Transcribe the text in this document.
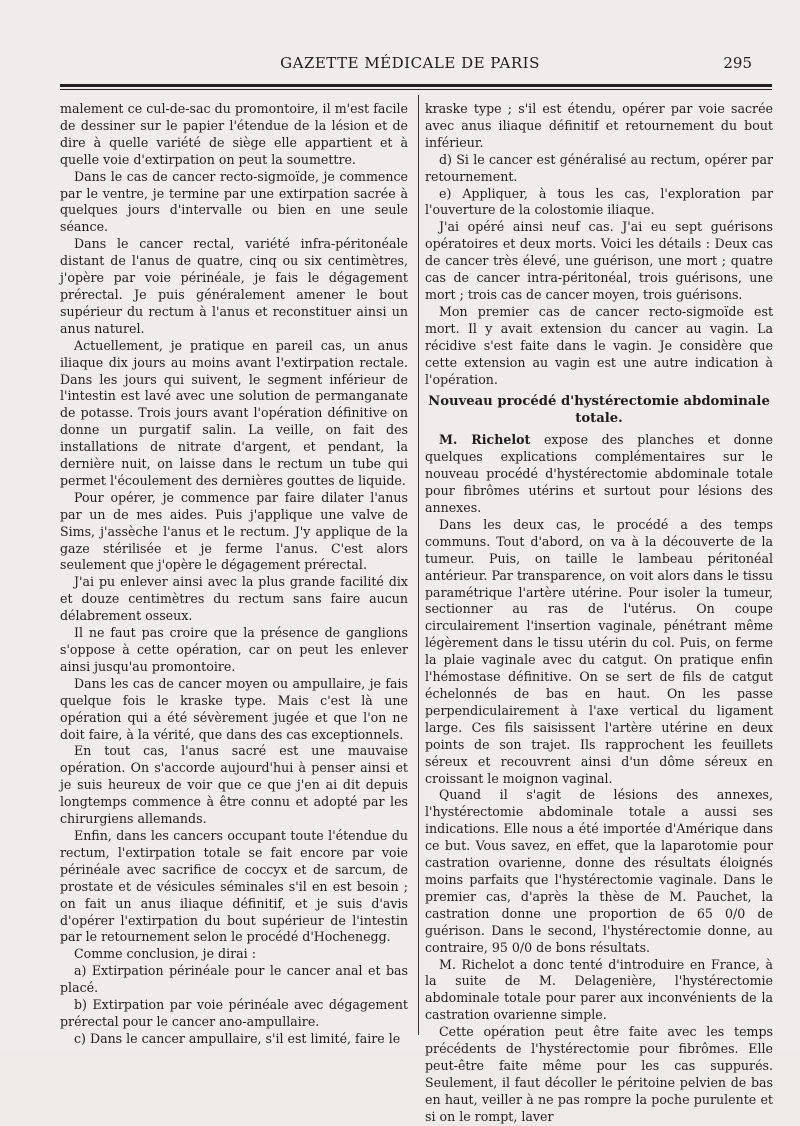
GAZETTE MÉDICALE DE PARIS	295

malement ce cul-de-sac du promontoire, il m'est facile de dessiner sur le papier l'étendue de la lésion et de dire à quelle variété de siège elle appartient et à quelle voie d'extirpation on peut la soumettre.

Dans le cas de cancer recto-sigmoïde, je commence par le ventre, je termine par une extirpation sacrée à quelques jours d'intervalle ou bien en une seule séance.

Dans le cancer rectal, variété infra-péritonéale distant de l'anus de quatre, cinq ou six centimètres, j'opère par voie périnéale, je fais le dégagement prérectal. Je puis généralement amener le bout supérieur du rectum à l'anus et reconstituer ainsi un anus naturel.

Actuellement, je pratique en pareil cas, un anus iliaque dix jours au moins avant l'extirpation rectale. Dans les jours qui suivent, le segment inférieur de l'intestin est lavé avec une solution de permanganate de potasse. Trois jours avant l'opération définitive on donne un purgatif salin. La veille, on fait des installations de nitrate d'argent, et pendant, la dernière nuit, on laisse dans le rectum un tube qui permet l'écoulement des dernières gouttes de liquide.

Pour opérer, je commence par faire dilater l'anus par un de mes aides. Puis j'applique une valve de Sims, j'assèche l'anus et le rectum. J'y applique de la gaze stérilisée et je ferme l'anus. C'est alors seulement que j'opère le dégagement prérectal.

J'ai pu enlever ainsi avec la plus grande facilité dix et douze centimètres du rectum sans faire aucun délabrement osseux.

Il ne faut pas croire que la présence de ganglions s'oppose à cette opération, car on peut les enlever ainsi jusqu'au promontoire.

Dans les cas de cancer moyen ou ampullaire, je fais quelque fois le kraske type. Mais c'est là une opération qui a été sévèrement jugée et que l'on ne doit faire, à la vérité, que dans des cas exceptionnels.

En tout cas, l'anus sacré est une mauvaise opération. On s'accorde aujourd'hui à penser ainsi et je suis heureux de voir que ce que j'en ai dit depuis longtemps commence à être connu et adopté par les chirurgiens allemands.

Enfin, dans les cancers occupant toute l'étendue du rectum, l'extirpation totale se fait encore par voie périnéale avec sacrifice de coccyx et de sarcum, de prostate et de vésicules séminales s'il en est besoin ; on fait un anus iliaque définitif, et je suis d'avis d'opérer l'extirpation du bout supérieur de l'intestin par le retournement selon le procédé d'Hochenegg.

Comme conclusion, je dirai :

a) Extirpation périnéale pour le cancer anal et bas placé.

b) Extirpation par voie périnéale avec dégagement prérectal pour le cancer ano-ampullaire.

c) Dans le cancer ampullaire, s'il est limité, faire le

kraske type ; s'il est étendu, opérer par voie sacrée avec anus iliaque définitif et retournement du bout inférieur.

d) Si le cancer est généralisé au rectum, opérer par retournement.

e) Appliquer, à tous les cas, l'exploration par l'ouverture de la colostomie iliaque.

J'ai opéré ainsi neuf cas. J'ai eu sept guérisons opératoires et deux morts. Voici les détails : Deux cas de cancer très élevé, une guérison, une mort ; quatre cas de cancer intra-péritonéal, trois guérisons, une mort ; trois cas de cancer moyen, trois guérisons.

Mon premier cas de cancer recto-sigmoïde est mort. Il y avait extension du cancer au vagin. La récidive s'est faite dans le vagin. Je considère que cette extension au vagin est une autre indication à l'opération.

Nouveau procédé d'hystérectomie abdominale totale.

M. Richelot expose des planches et donne quelques explications complémentaires sur le nouveau procédé d'hystérectomie abdominale totale pour fibrômes utérins et surtout pour lésions des annexes.

Dans les deux cas, le procédé a des temps communs. Tout d'abord, on va à la découverte de la tumeur. Puis, on taille le lambeau péritonéal antérieur. Par transparence, on voit alors dans le tissu paramétrique l'artère utérine. Pour isoler la tumeur, sectionner au ras de l'utérus. On coupe circulairement l'insertion vaginale, pénétrant même légèrement dans le tissu utérin du col. Puis, on ferme la plaie vaginale avec du catgut. On pratique enfin l'hémostase définitive. On se sert de fils de catgut échelonnés de bas en haut. On les passe perpendiculairement à l'axe vertical du ligament large. Ces fils saisissent l'artère utérine en deux points de son trajet. Ils rapprochent les feuillets séreux et recouvrent ainsi d'un dôme séreux en croissant le moignon vaginal.

Quand il s'agit de lésions des annexes, l'hystérectomie abdominale totale a aussi ses indications. Elle nous a été importée d'Amérique dans ce but. Vous savez, en effet, que la laparotomie pour castration ovarienne, donne des résultats éloignés moins parfaits que l'hystérectomie vaginale. Dans le premier cas, d'après la thèse de M. Pauchet, la castration donne une proportion de 65 0/0 de guérison. Dans le second, l'hystérectomie donne, au contraire, 95 0/0 de bons résultats.

M. Richelot a donc tenté d'introduire en France, à la suite de M. Delagenière, l'hystérectomie abdominale totale pour parer aux inconvénients de la castration ovarienne simple.

Cette opération peut être faite avec les temps précédents de l'hystérectomie pour fibrômes. Elle peut-être faite même pour les cas suppurés. Seulement, il faut décoller le péritoine pelvien de bas en haut, veiller à ne pas rompre la poche purulente et si on le rompt, laver
